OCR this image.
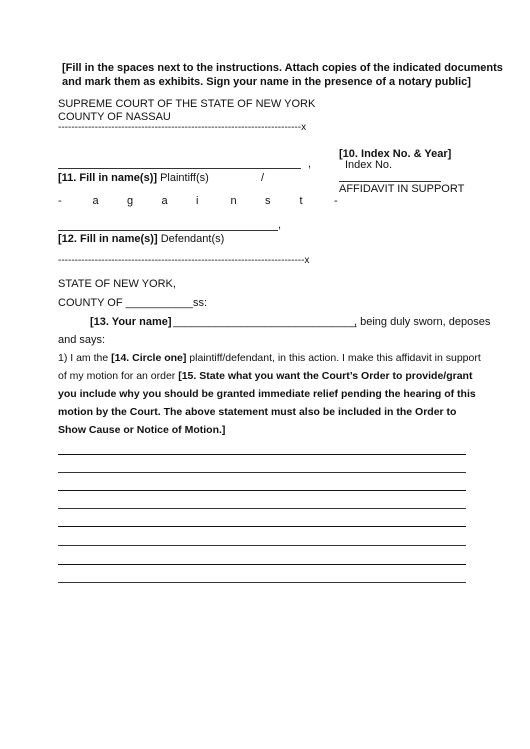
[Fill in the spaces next to the instructions. Attach copies of the indicated documents
and mark them as exhibits. Sign your name in the presence of a notary public]
SUPREME COURT OF THE STATE OF NEW YORK
COUNTY OF NASSAU
-------------------------------------------------------------------------x
[10. Index No. & Year]
Index No.
AFFIDAVIT IN SUPPORT
,
[11. Fill in name(s)] Plaintiff(s)	/
-	a	g	a	i	n	s	t	-
,
[12. Fill in name(s)] Defendant(s)
--------------------------------------------------------------------------x
STATE OF NEW YORK,
COUNTY OF ___________ss:
[13. Your name] ______________________________
, being duly sworn, deposes
and says:
1) I am the [14. Circle one] plaintiff/defendant, in this action. I make this affidavit in support
of my motion for an order [15. State what you want the Court’s Order to provide/grant
you include why you should be granted immediate relief pending the hearing of this
motion by the Court. The above statement must also be included in the Order to
Show Cause or Notice of Motion.]
